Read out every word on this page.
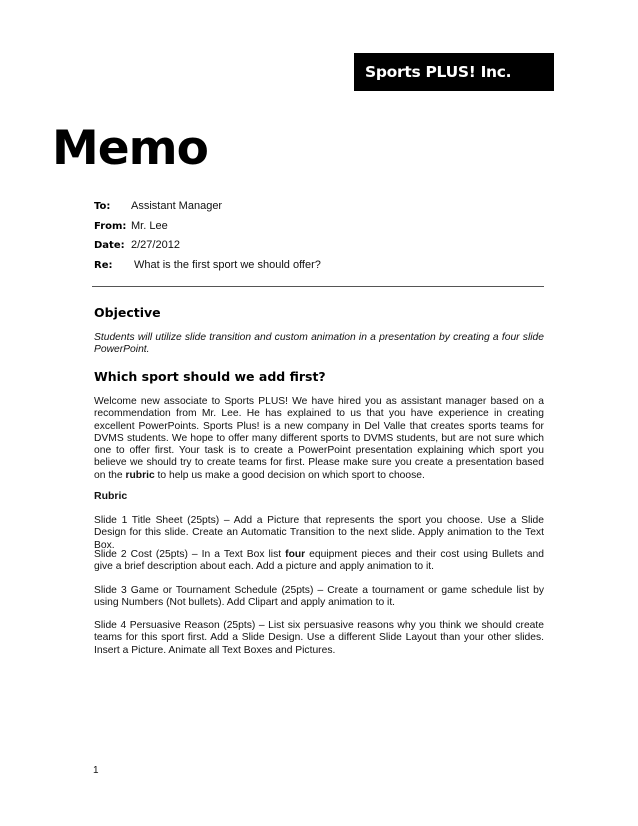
Sports PLUS! Inc.
Memo
To: Assistant Manager
From: Mr. Lee
Date: 2/27/2012
Re: What is the first sport we should offer?
Objective

Students will utilize slide transition and custom animation in a presentation by creating a four slide PowerPoint.

Which sport should we add first?

Welcome new associate to Sports PLUS! We have hired you as assistant manager based on a recommendation from Mr. Lee. He has explained to us that you have experience in creating excellent PowerPoints. Sports Plus! is a new company in Del Valle that creates sports teams for DVMS students. We hope to offer many different sports to DVMS students, but are not sure which one to offer first. Your task is to create a PowerPoint presentation explaining which sport you believe we should try to create teams for first. Please make sure you create a presentation based on the rubric to help us make a good decision on which sport to choose.

Rubric

Slide 1 Title Sheet (25pts) – Add a Picture that represents the sport you choose. Use a Slide Design for this slide. Create an Automatic Transition to the next slide. Apply animation to the Text Box.

Slide 2 Cost (25pts) – In a Text Box list four equipment pieces and their cost using Bullets and give a brief description about each. Add a picture and apply animation to it.

Slide 3 Game or Tournament Schedule (25pts) – Create a tournament or game schedule list by using Numbers (Not bullets). Add Clipart and apply animation to it.

Slide 4 Persuasive Reason (25pts) – List six persuasive reasons why you think we should create teams for this sport first. Add a Slide Design. Use a different Slide Layout than your other slides. Insert a Picture. Animate all Text Boxes and Pictures.

1
